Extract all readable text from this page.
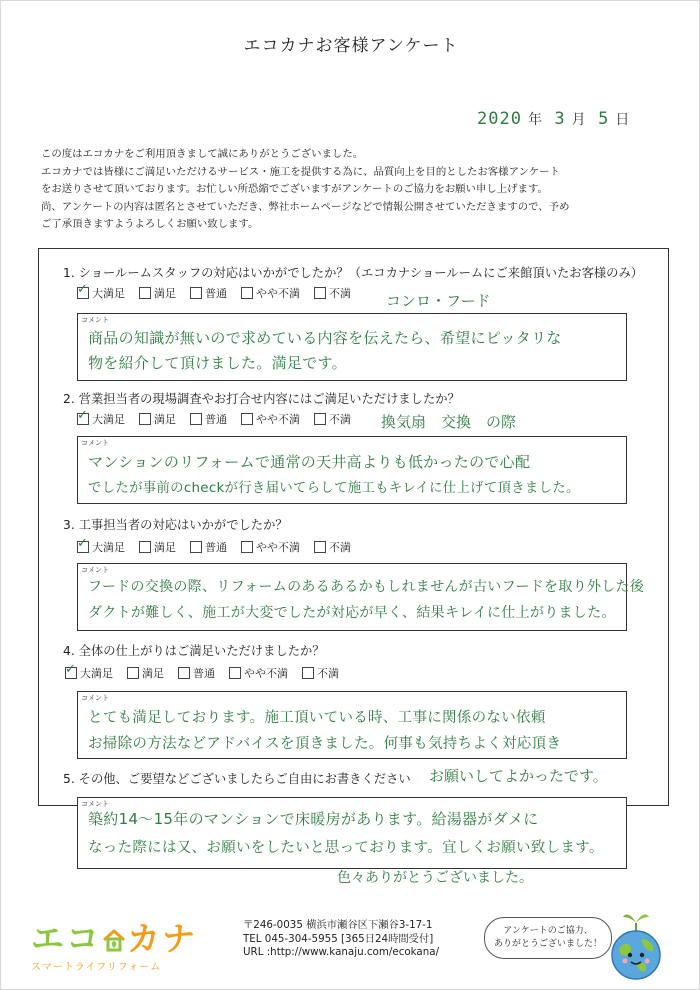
エコカナお客様アンケート
2020 年 3 月 5 日
この度はエコカナをご利用頂きまして誠にありがとうございました。
エコカナでは皆様にご満足いただけるサービス・施工を提供する為に、品質向上を目的としたお客様アンケート
をお送りさせて頂いております。お忙しい所恐縮でございますがアンケートのご協力をお願い申し上げます。
尚、アンケートの内容は匿名とさせていただき、弊社ホームページなどで情報公開させていただきますので、予め
ご了承頂きますようよろしくお願い致します。
1. ショールームスタッフの対応はいかがでしたか？（エコカナショールームにご来館頂いたお客様のみ）
✓
大満足	満足	普通	やや不満	不満 コンロ・フード
コメント
商品の知識が無いので求めている内容を伝えたら、希望にピッタリな
物を紹介して頂けました。満足です。
2. 営業担当者の現場調査やお打合せ内容にはご満足いただけましたか？
✓
大満足	満足	普通	やや不満	不満 換気扇　交換　の際
コメント
マンションのリフォームで通常の天井高よりも低かったので心配
でしたが事前のcheckが行き届いてらして施工もキレイに仕上げて頂きました。
3. 工事担当者の対応はいかがでしたか？
✓
大満足	満足	普通	やや不満	不満
コメント
フードの交換の際、リフォームのあるあるかもしれませんが古いフードを取り外した後
ダクトが難しく、施工が大変でしたが対応が早く、結果キレイに仕上がりました。
4. 全体の仕上がりはご満足いただけましたか？
✓
大満足	満足	普通	やや不満	不満
コメント
とても満足しております。施工頂いている時、工事に関係のない依頼
お掃除の方法などアドバイスを頂きました。何事も気持ちよく対応頂き
5. その他、ご要望などございましたらご自由にお書きください お願いしてよかったです。
コメント
築約14〜15年のマンションで床暖房があります。給湯器がダメに
なった際には又、お願いをしたいと思っております。宜しくお願い致します。
色々ありがとうございました。
エコ カナ
スマートライフリフォーム
〒246-0035 横浜市瀬谷区下瀬谷3-17-1
TEL 045-304-5955 [365日24時間受付]
URL :http://www.kanaju.com/ecokana/
アンケートのご協力、
ありがとうございました！
